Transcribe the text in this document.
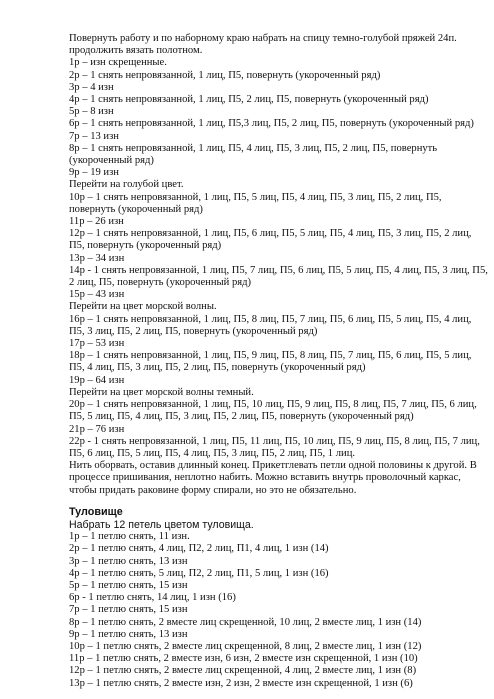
Повернуть работу и по наборному краю набрать на спицу темно-голубой пряжей 24п. продолжить вязать полотном.
1р – изн скрещенные.
2р – 1 снять непровязанной, 1 лиц, П5, повернуть (укороченный ряд)
3р – 4 изн
4р – 1 снять непровязанной, 1 лиц, П5, 2 лиц, П5, повернуть (укороченный ряд)
5р – 8 изн
6р – 1 снять непровязанной, 1 лиц, П5,3 лиц, П5, 2 лиц, П5, повернуть (укороченный ряд)
7р – 13 изн
8р – 1 снять непровязанной, 1 лиц, П5, 4 лиц, П5, 3 лиц, П5, 2 лиц, П5, повернуть (укороченный ряд)
9р – 19 изн
Перейти на голубой цвет.
10р – 1 снять непровязанной, 1 лиц, П5, 5 лиц, П5, 4 лиц, П5, 3 лиц, П5, 2 лиц, П5, повернуть (укороченный ряд)
11р – 26 изн
12р – 1 снять непровязанной, 1 лиц, П5, 6 лиц, П5, 5 лиц, П5, 4 лиц, П5, 3 лиц, П5, 2 лиц, П5, повернуть (укороченный ряд)
13р – 34 изн
14р - 1 снять непровязанной, 1 лиц, П5, 7 лиц, П5, 6 лиц, П5, 5 лиц, П5, 4 лиц, П5, 3 лиц, П5, 2 лиц, П5, повернуть (укороченный ряд)
15р – 43 изн
Перейти на цвет морской волны.
16р – 1 снять непровязанной, 1 лиц, П5, 8 лиц, П5, 7 лиц, П5, 6 лиц, П5, 5 лиц, П5, 4 лиц, П5, 3 лиц, П5, 2 лиц, П5, повернуть (укороченный ряд)
17р – 53 изн
18р – 1 снять непровязанной, 1 лиц, П5, 9 лиц, П5, 8 лиц, П5, 7 лиц, П5, 6 лиц, П5, 5 лиц, П5, 4 лиц, П5, 3 лиц, П5, 2 лиц, П5, повернуть (укороченный ряд)
19р – 64 изн
Перейти на цвет морской волны темный.
20р – 1 снять непровязанной, 1 лиц, П5, 10 лиц, П5, 9 лиц, П5, 8 лиц, П5, 7 лиц, П5, 6 лиц, П5, 5 лиц, П5, 4 лиц, П5, 3 лиц, П5, 2 лиц, П5, повернуть (укороченный ряд)
21р – 76 изн
22р - 1 снять непровязанной, 1 лиц, П5, 11 лиц, П5, 10 лиц, П5, 9 лиц, П5, 8 лиц, П5, 7 лиц, П5, 6 лиц, П5, 5 лиц, П5, 4 лиц, П5, 3 лиц, П5, 2 лиц, П5, 1 лиц.
Нить оборвать, оставив длинный конец. Прикетглевать петли одной половины к другой. В процессе пришивания, неплотно набить. Можно вставить внутрь проволочный каркас, чтобы придать раковине форму спирали, но это не обязательно.
Туловище
Набрать 12 петель цветом туловища.
1р – 1 петлю снять, 11 изн.
2р – 1 петлю снять, 4 лиц, П2, 2 лиц, П1, 4 лиц, 1 изн (14)
3р – 1 петлю снять, 13 изн
4р – 1 петлю снять, 5 лиц, П2, 2 лиц, П1, 5 лиц, 1 изн (16)
5р – 1 петлю снять, 15 изн
6р - 1 петлю снять, 14 лиц, 1 изн (16)
7р – 1 петлю снять, 15 изн
8р – 1 петлю снять, 2 вместе лиц скрещенной, 10 лиц, 2 вместе лиц, 1 изн (14)
9р – 1 петлю снять, 13 изн
10р – 1 петлю снять, 2 вместе лиц скрещенной, 8 лиц, 2 вместе лиц, 1 изн (12)
11р – 1 петлю снять, 2 вместе изн, 6 изн, 2 вместе изн скрещенной, 1 изн (10)
12р – 1 петлю снять, 2 вместе лиц скрещенной, 4 лиц, 2 вместе лиц, 1 изн (8)
13р – 1 петлю снять, 2 вместе изн, 2 изн, 2 вместе изн скрещенной, 1 изн (6)
